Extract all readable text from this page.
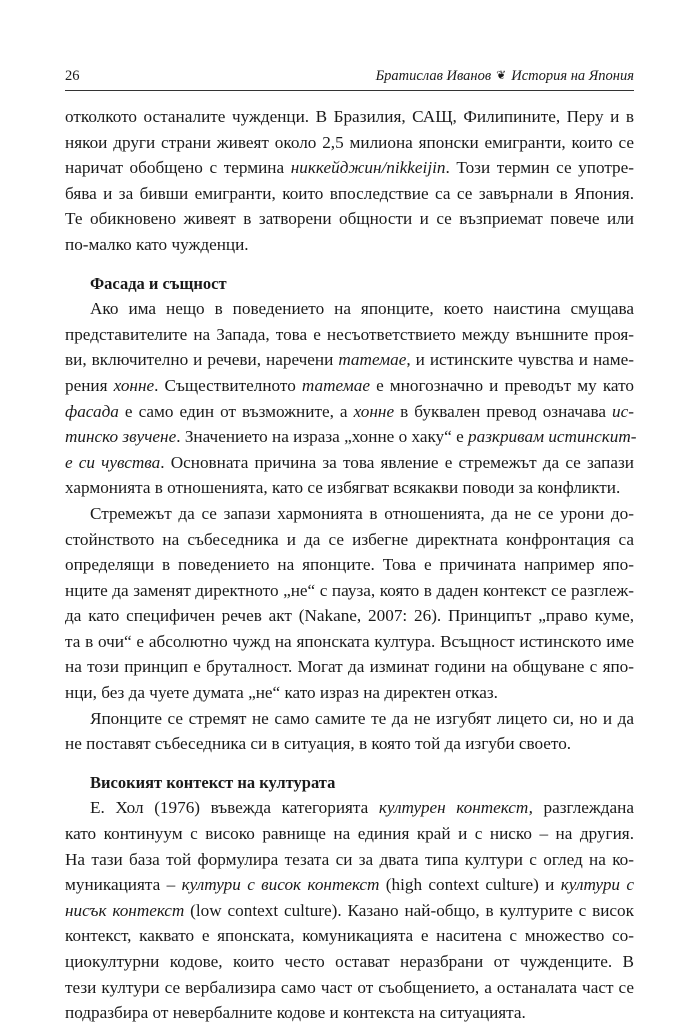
26	Братислав Иванов ❦ История на Япония
отколкото останалите чужденци. В Бразилия, САЩ, Филипините, Перу и в
някои други страни живеят около 2,5 милиона японски емигранти, които се
наричат обобщено с термина никкейджин/nikkeijin. Този термин се употре-
бява и за бивши емигранти, които впоследствие са се завърнали в Япония.
Те обикновено живеят в затворени общности и се възприемат повече или
по-малко като чужденци.
Фасада и същност
Ако има нещо в поведението на японците, което наистина смущава
представителите на Запада, това е несъответствието между външните проя-
ви, включително и речеви, наречени татемае, и истинските чувства и наме-
рения хонне. Съществителното татемае е многозначно и преводът му като
фасада е само един от възможните, а хонне в буквален превод означава ис-
тинско звучене. Значението на израза „хонне о хаку“ е разкривам истинскит-
е си чувства. Основната причина за това явление е стремежът да се запази
хармонията в отношенията, като се избягват всякакви поводи за конфликти.
Стремежът да се запази хармонията в отношенията, да не се урони до-
стойнството на събеседника и да се избегне директната конфронтация са
определящи в поведението на японците. Това е причината например япо-
нците да заменят директното „не“ с пауза, която в даден контекст се разглеж-
да като специфичен речев акт (Nakane, 2007: 26). Принципът „право куме,
та в очи“ е абсолютно чужд на японската култура. Всъщност истинското име
на този принцип е бруталност. Могат да изминат години на общуване с япо-
нци, без да чуете думата „не“ като израз на директен отказ.
Японците се стремят не само самите те да не изгубят лицето си, но и да
не поставят събеседника си в ситуация, в която той да изгуби своето.
Високият контекст на културата
Е. Хол (1976) въвежда категорията културен контекст, разглеждана
като континуум с високо равнище на единия край и с ниско – на другия.
На тази база той формулира тезата си за двата типа култури с оглед на ко-
муникацията – култури с висок контекст (high context culture) и култури с
нисък контекст (low context culture). Казано най-общо, в културите с висок
контекст, каквато е японската, комуникацията е наситена с множество со-
циокултурни кодове, които често остават неразбрани от чужденците. В
тези култури се вербализира само част от съобщението, а останалата част се
подразбира от невербалните кодове и контекста на ситуацията.
